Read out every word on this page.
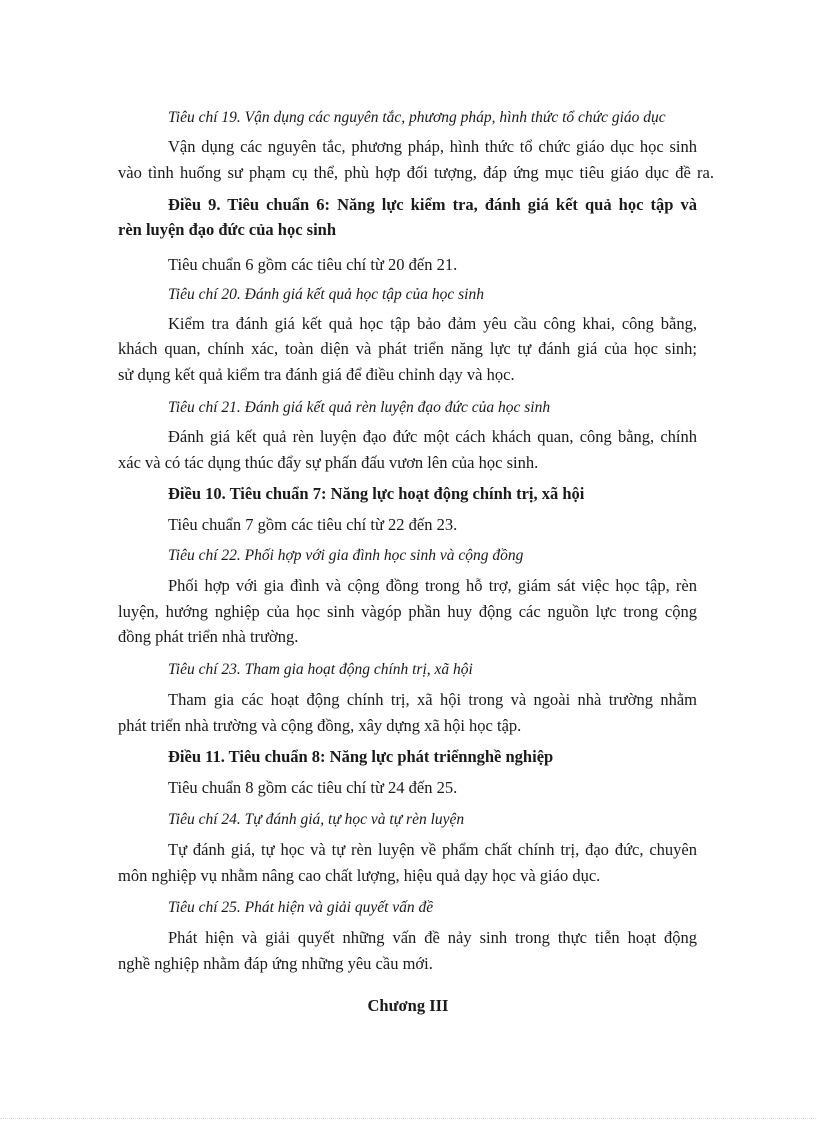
Tiêu chí 19. Vận dụng các nguyên tắc, phương pháp, hình thức tổ chức giáo dục
Vận dụng các nguyên tắc, phương pháp, hình thức tổ chức giáo dục học sinh
vào tình huống sư phạm cụ thể, phù hợp đối tượng, đáp ứng mục tiêu giáo dục đề ra.
Điều 9. Tiêu chuẩn 6: Năng lực kiểm tra, đánh giá kết quả học tập và
rèn luyện đạo đức của học sinh
Tiêu chuẩn 6 gồm các tiêu chí từ 20 đến 21.
Tiêu chí 20. Đánh giá kết quả học tập của học sinh
Kiểm tra đánh giá kết quả học tập bảo đảm yêu cầu công khai, công bằng,
khách quan, chính xác, toàn diện và phát triển năng lực tự đánh giá của học sinh;
sử dụng kết quả kiểm tra đánh giá để điều chỉnh dạy và học.
Tiêu chí 21. Đánh giá kết quả rèn luyện đạo đức của học sinh
Đánh giá kết quả rèn luyện đạo đức một cách khách quan, công bằng, chính
xác và có tác dụng thúc đẩy sự phấn đấu vươn lên của học sinh.
Điều 10. Tiêu chuẩn 7: Năng lực hoạt động chính trị, xã hội
Tiêu chuẩn 7 gồm các tiêu chí từ 22 đến 23.
Tiêu chí 22. Phối hợp với gia đình học sinh và cộng đồng
Phối hợp với gia đình và cộng đồng trong hỗ trợ, giám sát việc học tập, rèn
luyện, hướng nghiệp của học sinh vàgóp phần huy động các nguồn lực trong cộng
đồng phát triển nhà trường.
Tiêu chí 23. Tham gia hoạt động chính trị, xã hội
Tham gia các hoạt động chính trị, xã hội trong và ngoài nhà trường nhằm
phát triển nhà trường và cộng đồng, xây dựng xã hội học tập.
Điều 11. Tiêu chuẩn 8: Năng lực phát triểnnghề nghiệp
Tiêu chuẩn 8 gồm các tiêu chí từ 24 đến 25.
Tiêu chí 24. Tự đánh giá, tự học và tự rèn luyện
Tự đánh giá, tự học và tự rèn luyện về phẩm chất chính trị, đạo đức, chuyên
môn nghiệp vụ nhằm nâng cao chất lượng, hiệu quả dạy học và giáo dục.
Tiêu chí 25. Phát hiện và giải quyết vấn đề
Phát hiện và giải quyết những vấn đề nảy sinh trong thực tiễn hoạt động
nghề nghiệp nhằm đáp ứng những yêu cầu mới.
Chương III
